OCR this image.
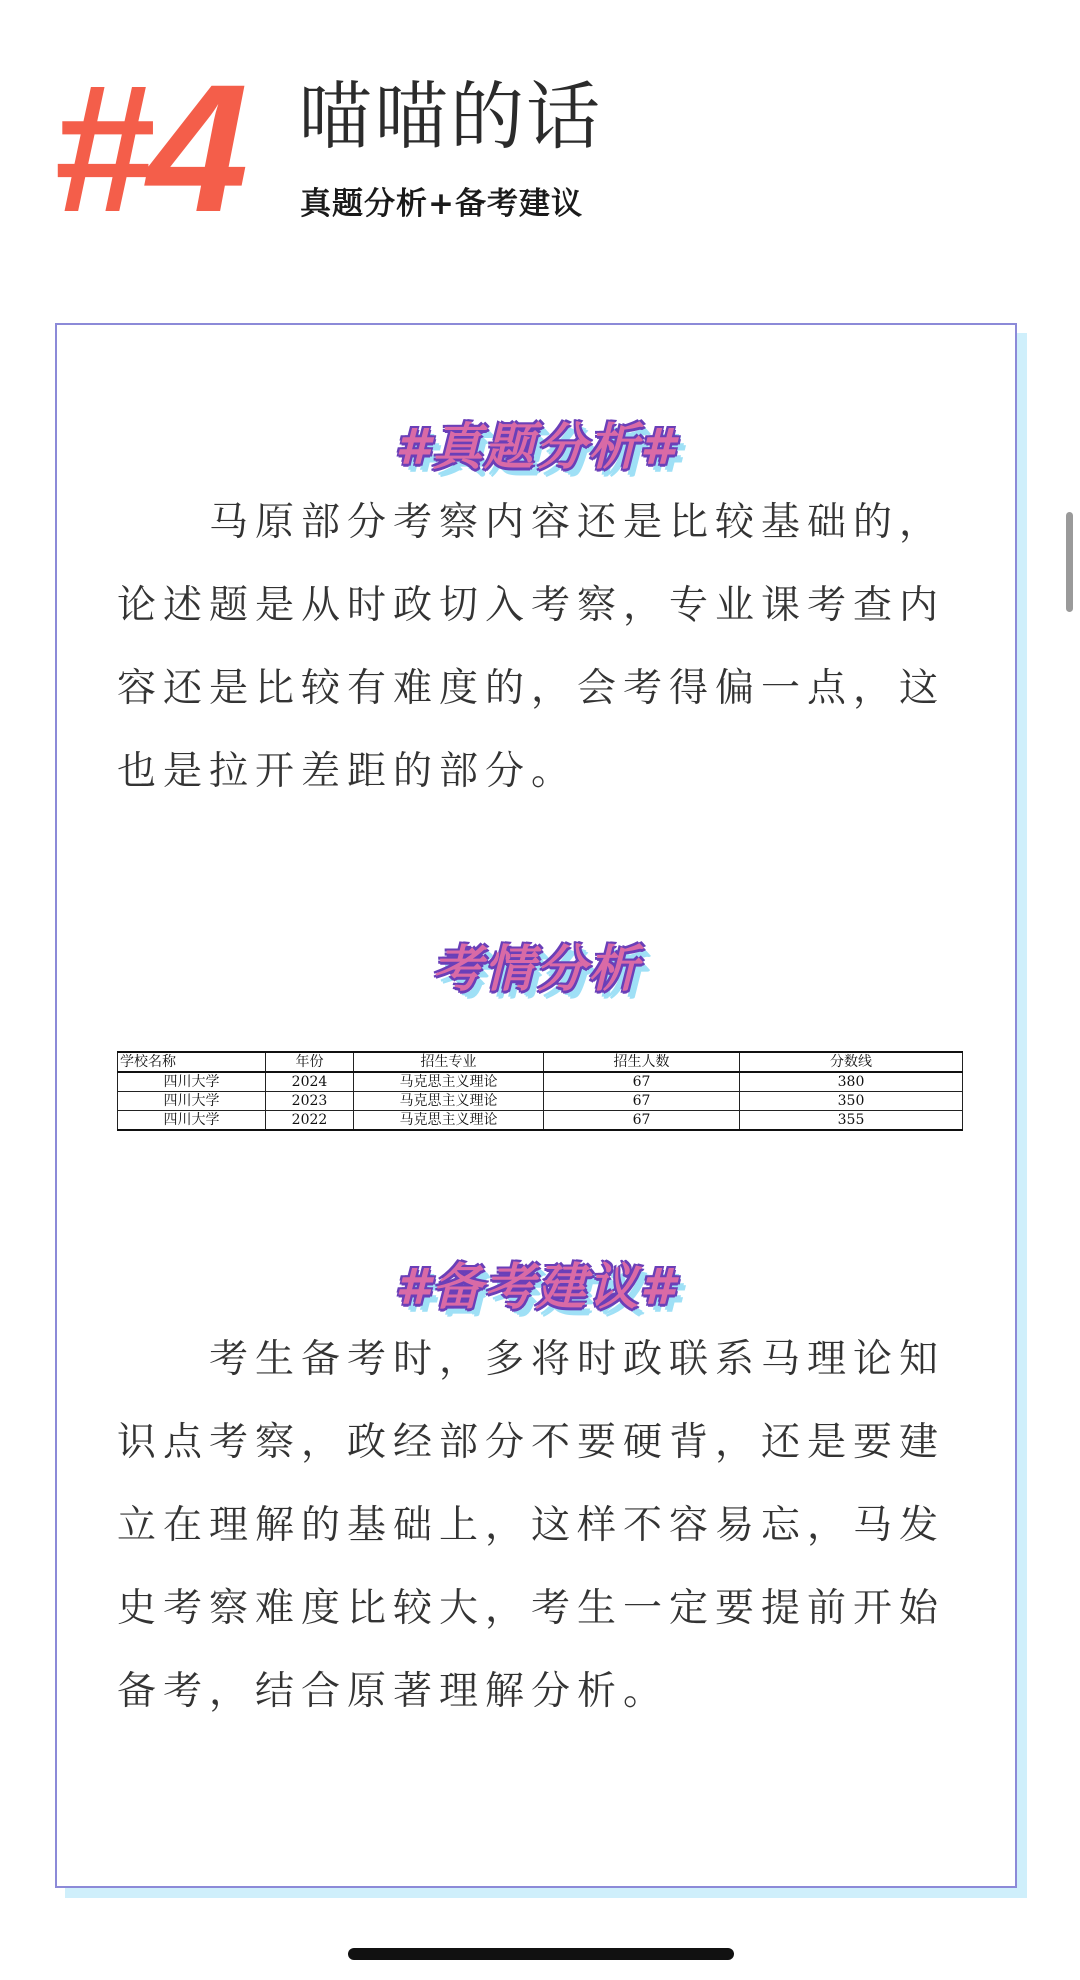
#4 喵喵的话
真题分析+备考建议
#真题分析#
马原部分考察内容还是比较基础的，
论述题是从时政切入考察，专业课考查内
容还是比较有难度的，会考得偏一点，这
也是拉开差距的部分。
考情分析
学校名称	年份	招生专业	招生人数	分数线
四川大学	2024	马克思主义理论	67	380
四川大学	2023	马克思主义理论	67	350
四川大学	2022	马克思主义理论	67	355
#备考建议#
考生备考时，多将时政联系马理论知
识点考察，政经部分不要硬背，还是要建
立在理解的基础上，这样不容易忘，马发
史考察难度比较大，考生一定要提前开始
备考，结合原著理解分析。
